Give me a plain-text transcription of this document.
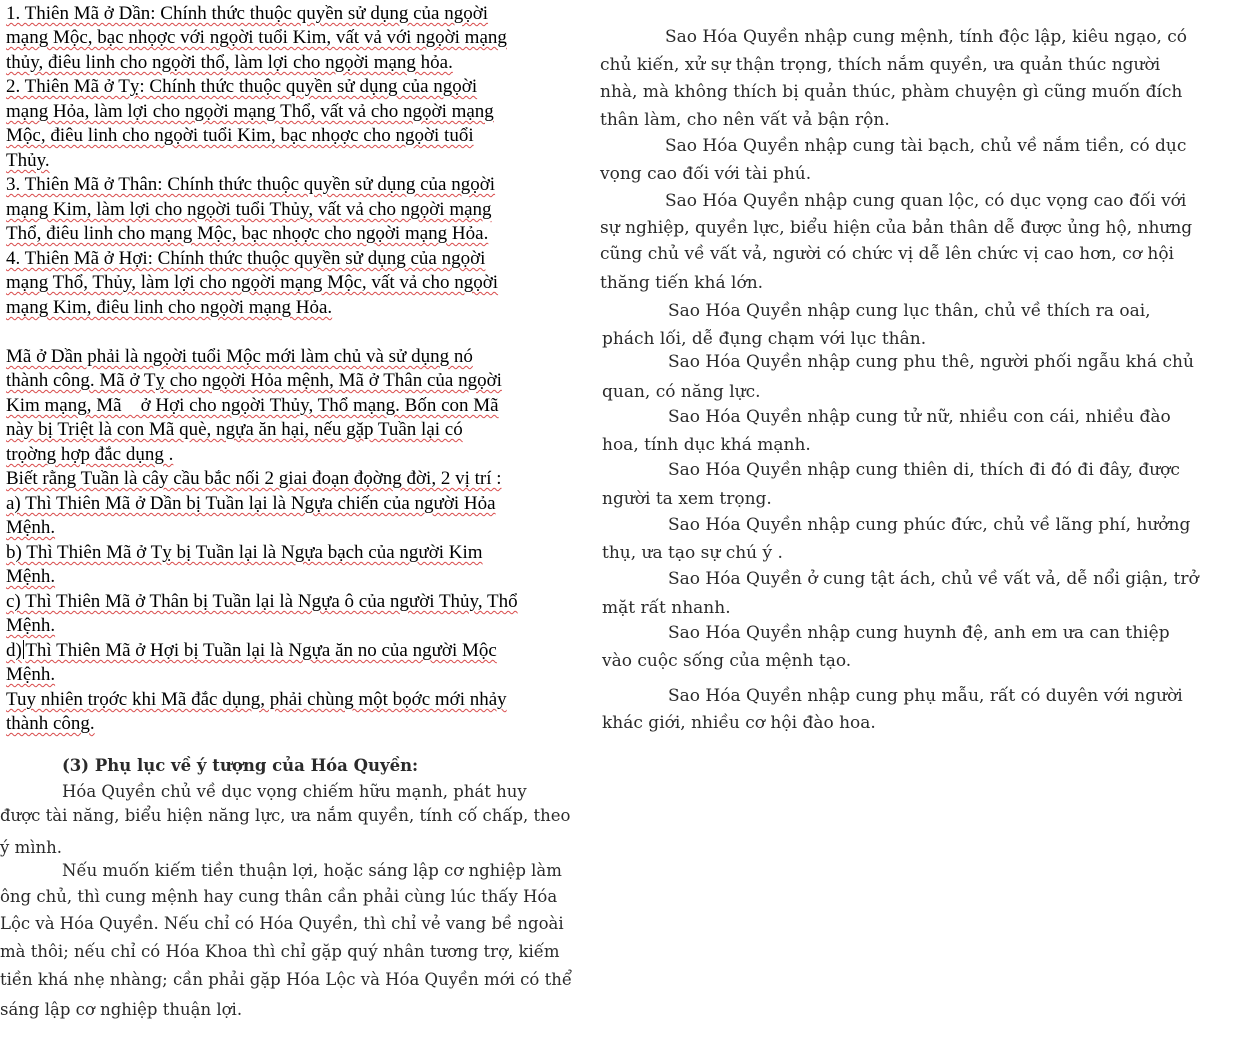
1. Thiên Mã ở Dần: Chính thức thuộc quyền sử dụng của ngọời

mạng Mộc, bạc nhọợc với ngọời tuổi Kim, vất vả với ngọời mạng

thủy, điêu linh cho ngọời thổ, làm lợi cho ngọời mạng hỏa.

2. Thiên Mã ở Tỵ: Chính thức thuộc quyền sử dụng của ngọời

mạng Hỏa, làm lợi cho ngọời mạng Thổ, vất vả cho ngọời mạng

Mộc, điêu linh cho ngọời tuổi Kim, bạc nhọợc cho ngọời tuổi

Thủy.

3. Thiên Mã ở Thân: Chính thức thuộc quyền sử dụng của ngọời

mạng Kim, làm lợi cho ngọời tuổi Thủy, vất vả cho ngọời mạng

Thổ, điêu linh cho mạng Mộc, bạc nhọợc cho ngọời mạng Hỏa.

4. Thiên Mã ở Hợi: Chính thức thuộc quyền sử dụng của ngọời

mạng Thổ, Thủy, làm lợi cho ngọời mạng Mộc, vất vả cho ngọời

mạng Kim, điêu linh cho ngọời mạng Hỏa.

Mã ở Dần phải là ngọời tuổi Mộc mới làm chủ và sử dụng nó

thành công. Mã ở Tỵ cho ngọời Hỏa mệnh, Mã ở Thân của ngọời

Kim mạng, Mã    ở Hợi cho ngọời Thủy, Thổ mạng. Bốn con Mã

này bị Triệt là con Mã què, ngựa ăn hại, nếu gặp Tuần lại có

trọờng hợp đắc dụng .

Biết rằng Tuần là cây cầu bắc nối 2 giai đoạn đọờng đời, 2 vị trí :

a) Thì Thiên Mã ở Dần bị Tuần lại là Ngựa chiến của người Hỏa

Mệnh.

b) Thì Thiên Mã ở Tỵ bị Tuần lại là Ngựa bạch của người Kim

Mệnh.

c) Thì Thiên Mã ở Thân bị Tuần lại là Ngựa ô của người Thủy, Thổ

Mệnh.

d) Thì Thiên Mã ở Hợi bị Tuần lại là Ngựa ăn no của người Mộc

Mệnh.

Tuy nhiên trọớc khi Mã đắc dụng, phải chùng một bọớc mới nhảy

thành công.

Sao Hóa Quyền nhập cung mệnh, tính độc lập, kiêu ngạo, có

chủ kiến, xử sự thận trọng, thích nắm quyền, ưa quản thúc người

nhà, mà không thích bị quản thúc, phàm chuyện gì cũng muốn đích

thân làm, cho nên vất vả bận rộn.

Sao Hóa Quyền nhập cung tài bạch, chủ về nắm tiền, có dục

vọng cao đối với tài phú.

Sao Hóa Quyền nhập cung quan lộc, có dục vọng cao đối với

sự nghiệp, quyền lực, biểu hiện của bản thân dễ được ủng hộ, nhưng

cũng chủ về vất vả, người có chức vị dễ lên chức vị cao hơn, cơ hội

thăng tiến khá lớn.

Sao Hóa Quyền nhập cung lục thân, chủ về thích ra oai,

phách lối, dễ đụng chạm với lục thân.

Sao Hóa Quyền nhập cung phu thê, người phối ngẫu khá chủ

quan, có năng lực.

Sao Hóa Quyền nhập cung tử nữ, nhiều con cái, nhiều đào

hoa, tính dục khá mạnh.

Sao Hóa Quyền nhập cung thiên di, thích đi đó đi đây, được

người ta xem trọng.

Sao Hóa Quyền nhập cung phúc đức, chủ về lãng phí, hưởng

thụ, ưa tạo sự chú ý .

Sao Hóa Quyền ở cung tật ách, chủ về vất vả, dễ nổi giận, trở

mặt rất nhanh.

Sao Hóa Quyền nhập cung huynh đệ, anh em ưa can thiệp

vào cuộc sống của mệnh tạo.

Sao Hóa Quyền nhập cung phụ mẫu, rất có duyên với người

khác giới, nhiều cơ hội đào hoa.

(3) Phụ lục về ý tượng của Hóa Quyền:

Hóa Quyền chủ về dục vọng chiếm hữu mạnh, phát huy

được tài năng, biểu hiện năng lực, ưa nắm quyền, tính cố chấp, theo

ý mình.

Nếu muốn kiếm tiền thuận lợi, hoặc sáng lập cơ nghiệp làm

ông chủ, thì cung mệnh hay cung thân cần phải cùng lúc thấy Hóa

Lộc và Hóa Quyền. Nếu chỉ có Hóa Quyền, thì chỉ vẻ vang bề ngoài

mà thôi; nếu chỉ có Hóa Khoa thì chỉ gặp quý nhân tương trợ, kiếm

tiền khá nhẹ nhàng; cần phải gặp Hóa Lộc và Hóa Quyền mới có thể

sáng lập cơ nghiệp thuận lợi.
